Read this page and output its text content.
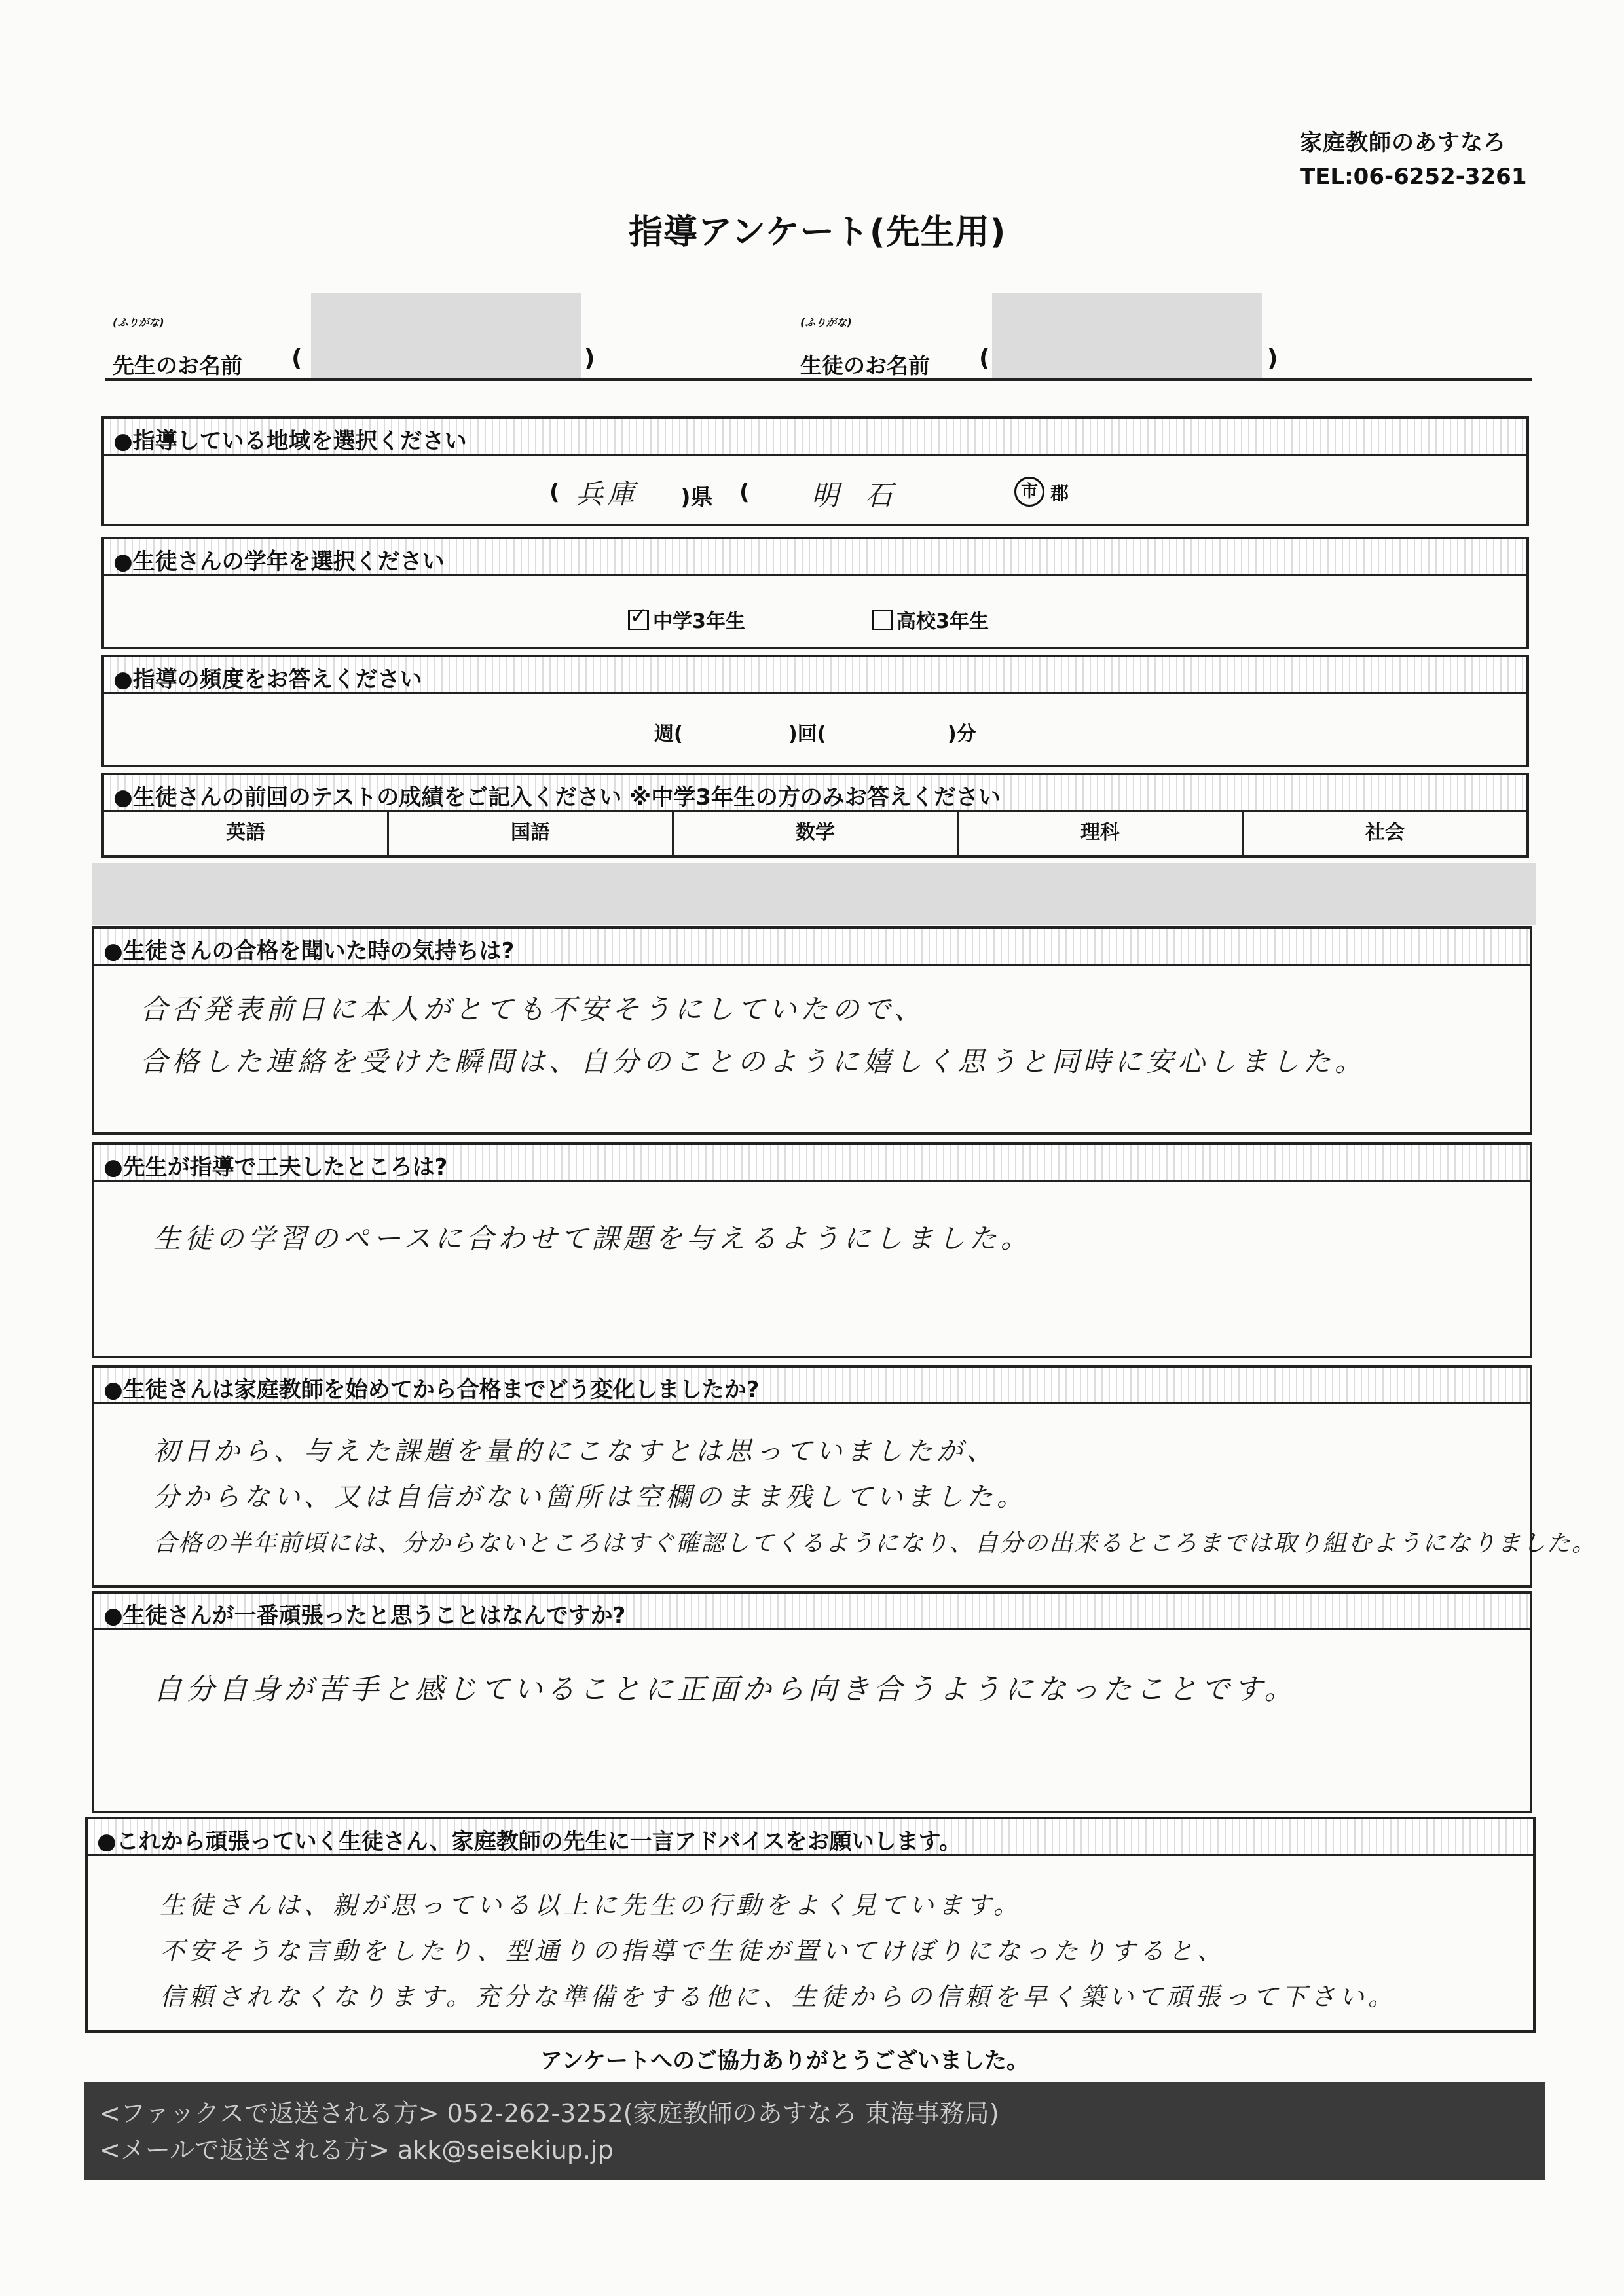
家庭教師のあすなろ
TEL:06-6252-3261
指導アンケート(先生用)
(ふりがな)
先生のお名前 (	)
(ふりがな)
生徒のお名前 (	)
●指導している地域を選択ください
( 兵庫 )県 ( 明石	市 郡
●生徒さんの学年を選択ください
✓中学3年生	高校3年生
●指導の頻度をお答えください
週(	)回(	)分
●生徒さんの前回のテストの成績をご記入ください ※中学3年生の方のみお答えください
英語	国語	数学	理科	社会
●生徒さんの合格を聞いた時の気持ちは?
合否発表前日に本人がとても不安そうにしていたので、
合格した連絡を受けた瞬間は、自分のことのように嬉しく思うと同時に安心しました。
●先生が指導で工夫したところは?
生徒の学習のペースに合わせて課題を与えるようにしました。
●生徒さんは家庭教師を始めてから合格までどう変化しましたか?
初日から、与えた課題を量的にこなすとは思っていましたが、
分からない、又は自信がない箇所は空欄のまま残していました。
合格の半年前頃には、分からないところはすぐ確認してくるようになり、自分の出来るところまでは取り組むようになりました。
●生徒さんが一番頑張ったと思うことはなんですか?
自分自身が苦手と感じていることに正面から向き合うようになったことです。
●これから頑張っていく生徒さん、家庭教師の先生に一言アドバイスをお願いします。
生徒さんは、親が思っている以上に先生の行動をよく見ています。
不安そうな言動をしたり、型通りの指導で生徒が置いてけぼりになったりすると、
信頼されなくなります。充分な準備をする他に、生徒からの信頼を早く築いて頑張って下さい。
アンケートへのご協力ありがとうございました。
<ファックスで返送される方> 052-262-3252(家庭教師のあすなろ 東海事務局)
<メールで返送される方> akk@seisekiup.jp
